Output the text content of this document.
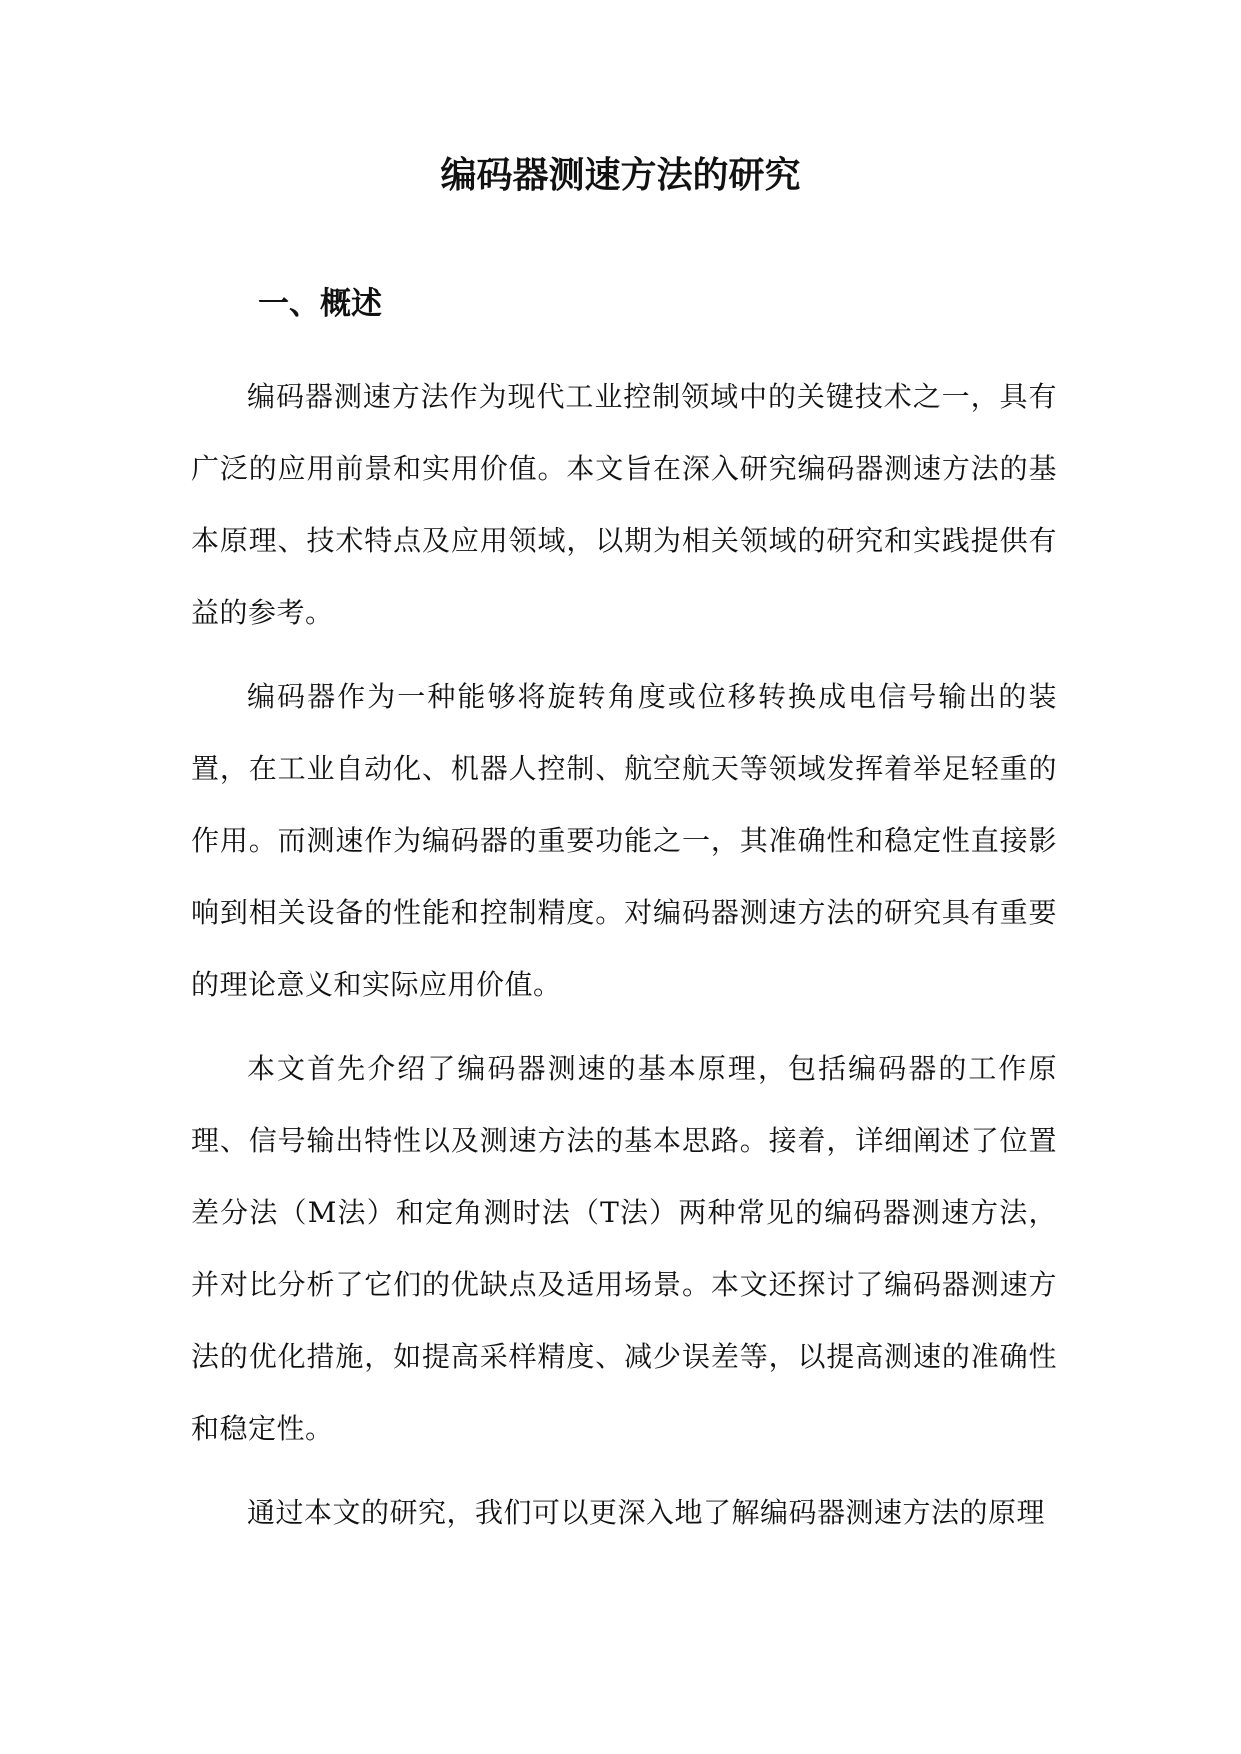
编码器测速方法的研究
一、概述

编码器测速方法作为现代工业控制领域中的关键技术之一，具有广泛的应用前景和实用价值。本文旨在深入研究编码器测速方法的基本原理、技术特点及应用领域，以期为相关领域的研究和实践提供有益的参考。

编码器作为一种能够将旋转角度或位移转换成电信号输出的装置，在工业自动化、机器人控制、航空航天等领域发挥着举足轻重的作用。而测速作为编码器的重要功能之一，其准确性和稳定性直接影响到相关设备的性能和控制精度。对编码器测速方法的研究具有重要的理论意义和实际应用价值。

本文首先介绍了编码器测速的基本原理，包括编码器的工作原理、信号输出特性以及测速方法的基本思路。接着，详细阐述了位置差分法（M法）和定角测时法（T法）两种常见的编码器测速方法，并对比分析了它们的优缺点及适用场景。本文还探讨了编码器测速方法的优化措施，如提高采样精度、减少误差等，以提高测速的准确性和稳定性。

通过本文的研究，我们可以更深入地了解编码器测速方法的原理
